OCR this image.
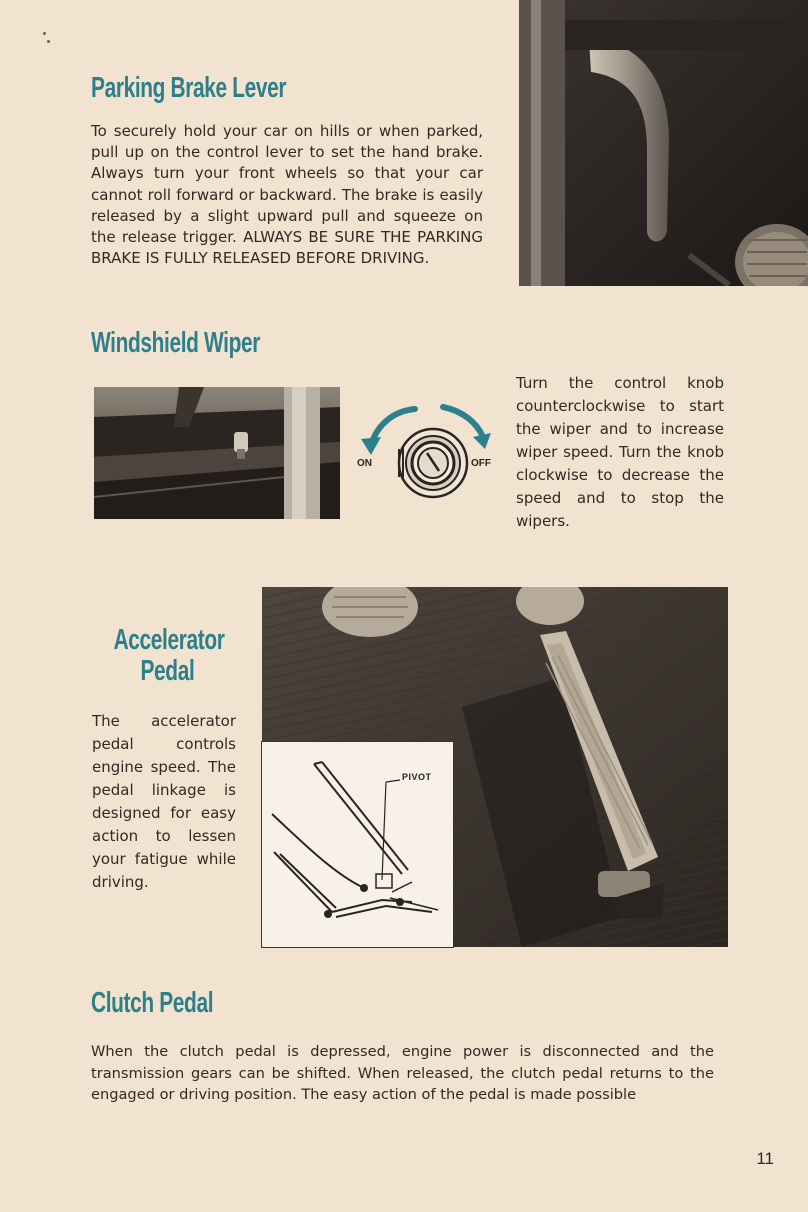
Parking Brake Lever

To securely hold your car on hills or when parked, pull up on the control lever to set the hand brake. Always turn your front wheels so that your car cannot roll forward or backward. The brake is easily released by a slight upward pull and squeeze on the release trigger. ALWAYS BE SURE THE PARKING BRAKE IS FULLY RELEASED BEFORE DRIVING.

Windshield Wiper
ON	OFF

Turn the control knob counterclockwise to start the wiper and to increase wiper speed. Turn the knob clockwise to decrease the speed and to stop the wipers.

Accelerator
Pedal

The accelerator pedal controls engine speed. The pedal linkage is designed for easy action to lessen your fatigue while driving.

PIVOT
Clutch Pedal

When the clutch pedal is depressed, engine power is disconnected and the transmission gears can be shifted. When released, the clutch pedal returns to the engaged or driving position. The easy action of the pedal is made possible

11
